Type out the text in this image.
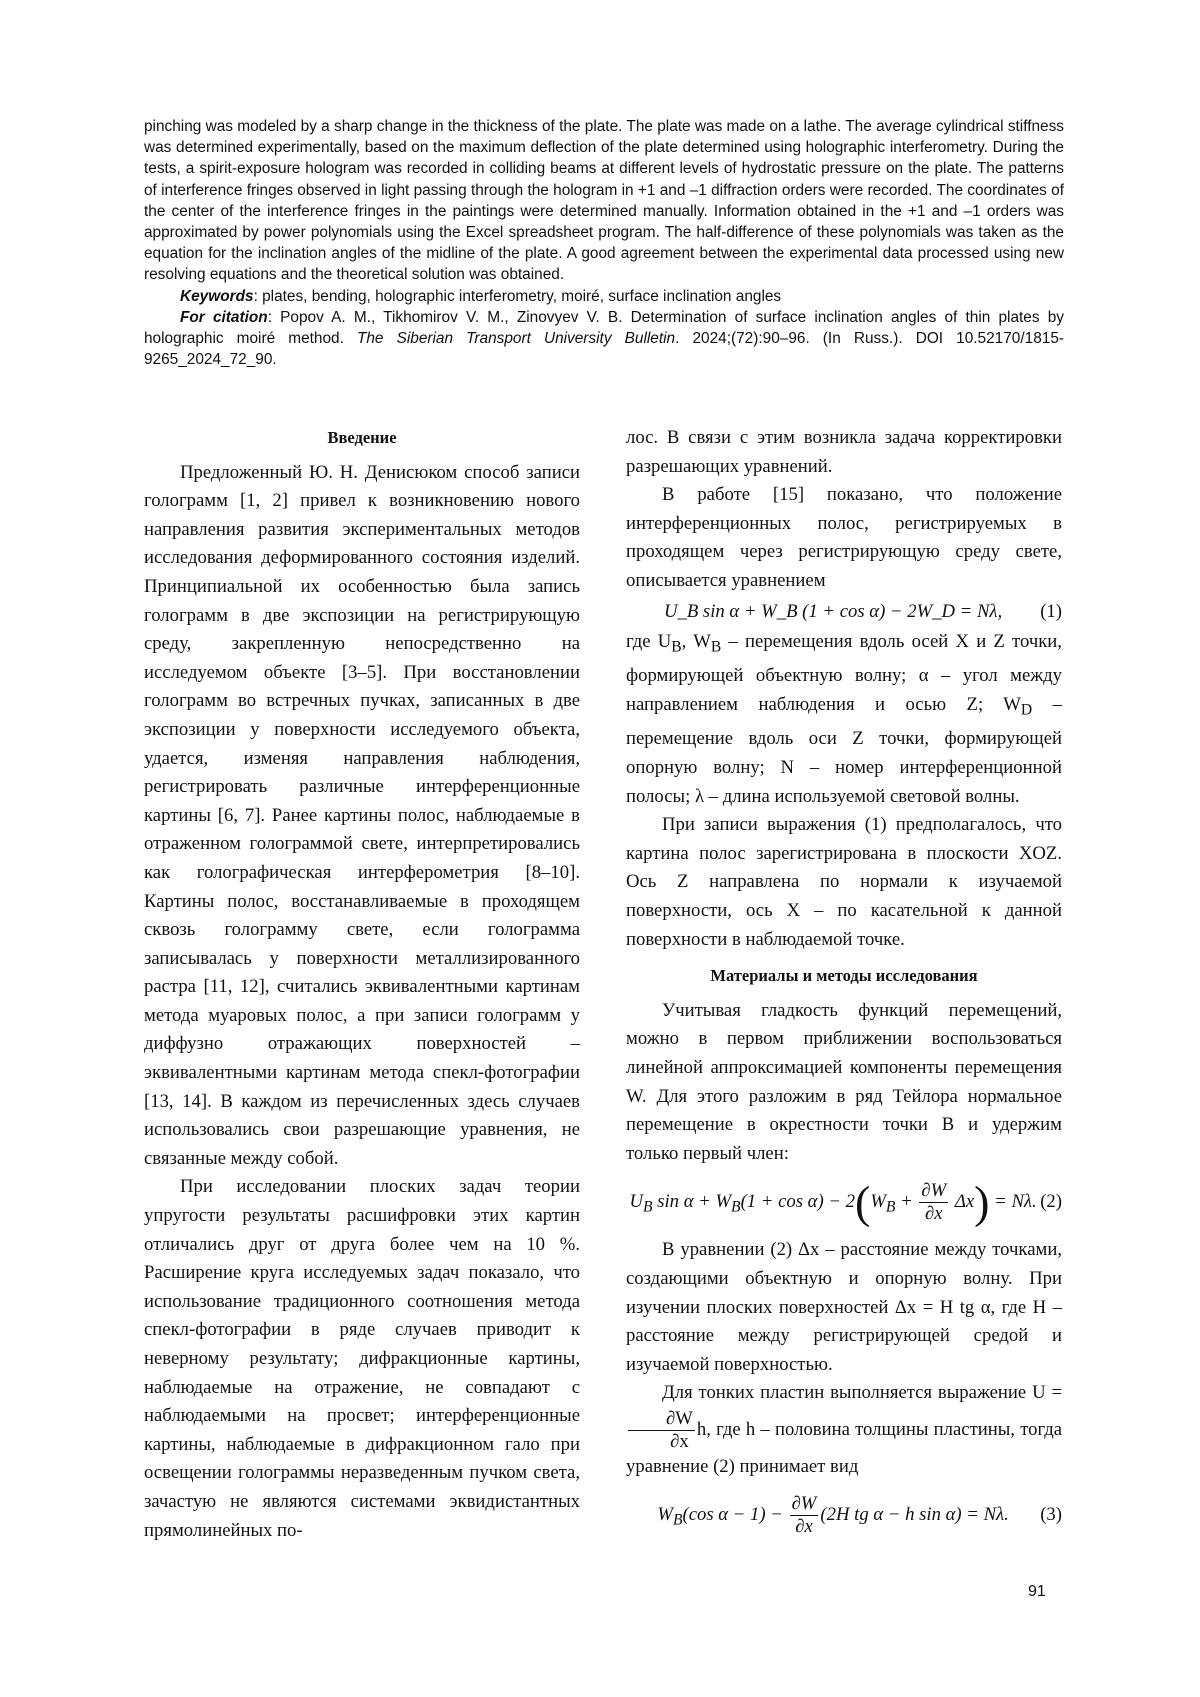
pinching was modeled by a sharp change in the thickness of the plate. The plate was made on a lathe. The average cylindrical stiffness was determined experimentally, based on the maximum deflection of the plate determined using holographic interferometry. During the tests, a spirit-exposure hologram was recorded in colliding beams at different levels of hydrostatic pressure on the plate. The patterns of interference fringes observed in light passing through the hologram in +1 and –1 diffraction orders were recorded. The coordinates of the center of the interference fringes in the paintings were determined manually. Information obtained in the +1 and –1 orders was approximated by power polynomials using the Excel spreadsheet program. The half-difference of these polynomials was taken as the equation for the inclination angles of the midline of the plate. A good agreement between the experimental data processed using new resolving equations and the theoretical solution was obtained.

Keywords: plates, bending, holographic interferometry, moiré, surface inclination angles

For citation: Popov A. M., Tikhomirov V. M., Zinovyev V. B. Determination of surface inclination angles of thin plates by holographic moiré method. The Siberian Transport University Bulletin. 2024;(72):90–96. (In Russ.). DOI 10.52170/1815-9265_2024_72_90.

Введение

Предложенный Ю. Н. Денисюком способ записи голограмм [1, 2] привел к возникновению нового направления развития экспериментальных методов исследования деформированного состояния изделий. Принципиальной их особенностью была запись голограмм в две экспозиции на регистрирующую среду, закрепленную непосредственно на исследуемом объекте [3–5]. При восстановлении голограмм во встречных пучках, записанных в две экспозиции у поверхности исследуемого объекта, удается, изменяя направления наблюдения, регистрировать различные интерференционные картины [6, 7]. Ранее картины полос, наблюдаемые в отраженном голограммой свете, интерпретировались как голографическая интерферометрия [8–10]. Картины полос, восстанавливаемые в проходящем сквозь голограмму свете, если голограмма записывалась у поверхности металлизированного растра [11, 12], считались эквивалентными картинам метода муаровых полос, а при записи голограмм у диффузно отражающих поверхностей – эквивалентными картинам метода спекл-фотографии [13, 14]. В каждом из перечисленных здесь случаев использовались свои разрешающие уравнения, не связанные между собой.

При исследовании плоских задач теории упругости результаты расшифровки этих картин отличались друг от друга более чем на 10 %. Расширение круга исследуемых задач показало, что использование традиционного соотношения метода спекл-фотографии в ряде случаев приводит к неверному результату; дифракционные картины, наблюдаемые на отражение, не совпадают с наблюдаемыми на просвет; интерференционные картины, наблюдаемые в дифракционном гало при освещении голограммы неразведенным пучком света, зачастую не являются системами эквидистантных прямолинейных по-

лос. В связи с этим возникла задача корректировки разрешающих уравнений.

В работе [15] показано, что положение интерференционных полос, регистрируемых в проходящем через регистрирующую среду свете, описывается уравнением

U_B sin α + W_B (1 + cos α) − 2W_D = Nλ,	(1)

где UB, WB – перемещения вдоль осей X и Z точки, формирующей объектную волну; α – угол между направлением наблюдения и осью Z; WD – перемещение вдоль оси Z точки, формирующей опорную волну; N – номер интерференционной полосы; λ – длина используемой световой волны.

При записи выражения (1) предполагалось, что картина полос зарегистрирована в плоскости XOZ. Ось Z направлена по нормали к изучаемой поверхности, ось X – по касательной к данной поверхности в наблюдаемой точке.

Материалы и методы исследования

Учитывая гладкость функций перемещений, можно в первом приближении воспользоваться линейной аппроксимацией компоненты перемещения W. Для этого разложим в ряд Тейлора нормальное перемещение в окрестности точки B и удержим только первый член:

UB sin α + WB(1 + cos α) − 2(WB +
∂W
∂x
Δx) = Nλ. (2)

В уравнении (2) Δx – расстояние между точками, создающими объектную и опорную волну. При изучении плоских поверхностей Δx = H tg α, где H – расстояние между регистрирующей средой и изучаемой поверхностью.

Для тонких пластин выполняется выражение U =
∂W
∂x
h, где h – половина толщины пластины, тогда уравнение (2) принимает вид

WB(cos α − 1) −
∂W
∂x
(2H tg α − h sin α) = Nλ.	(3)
91
